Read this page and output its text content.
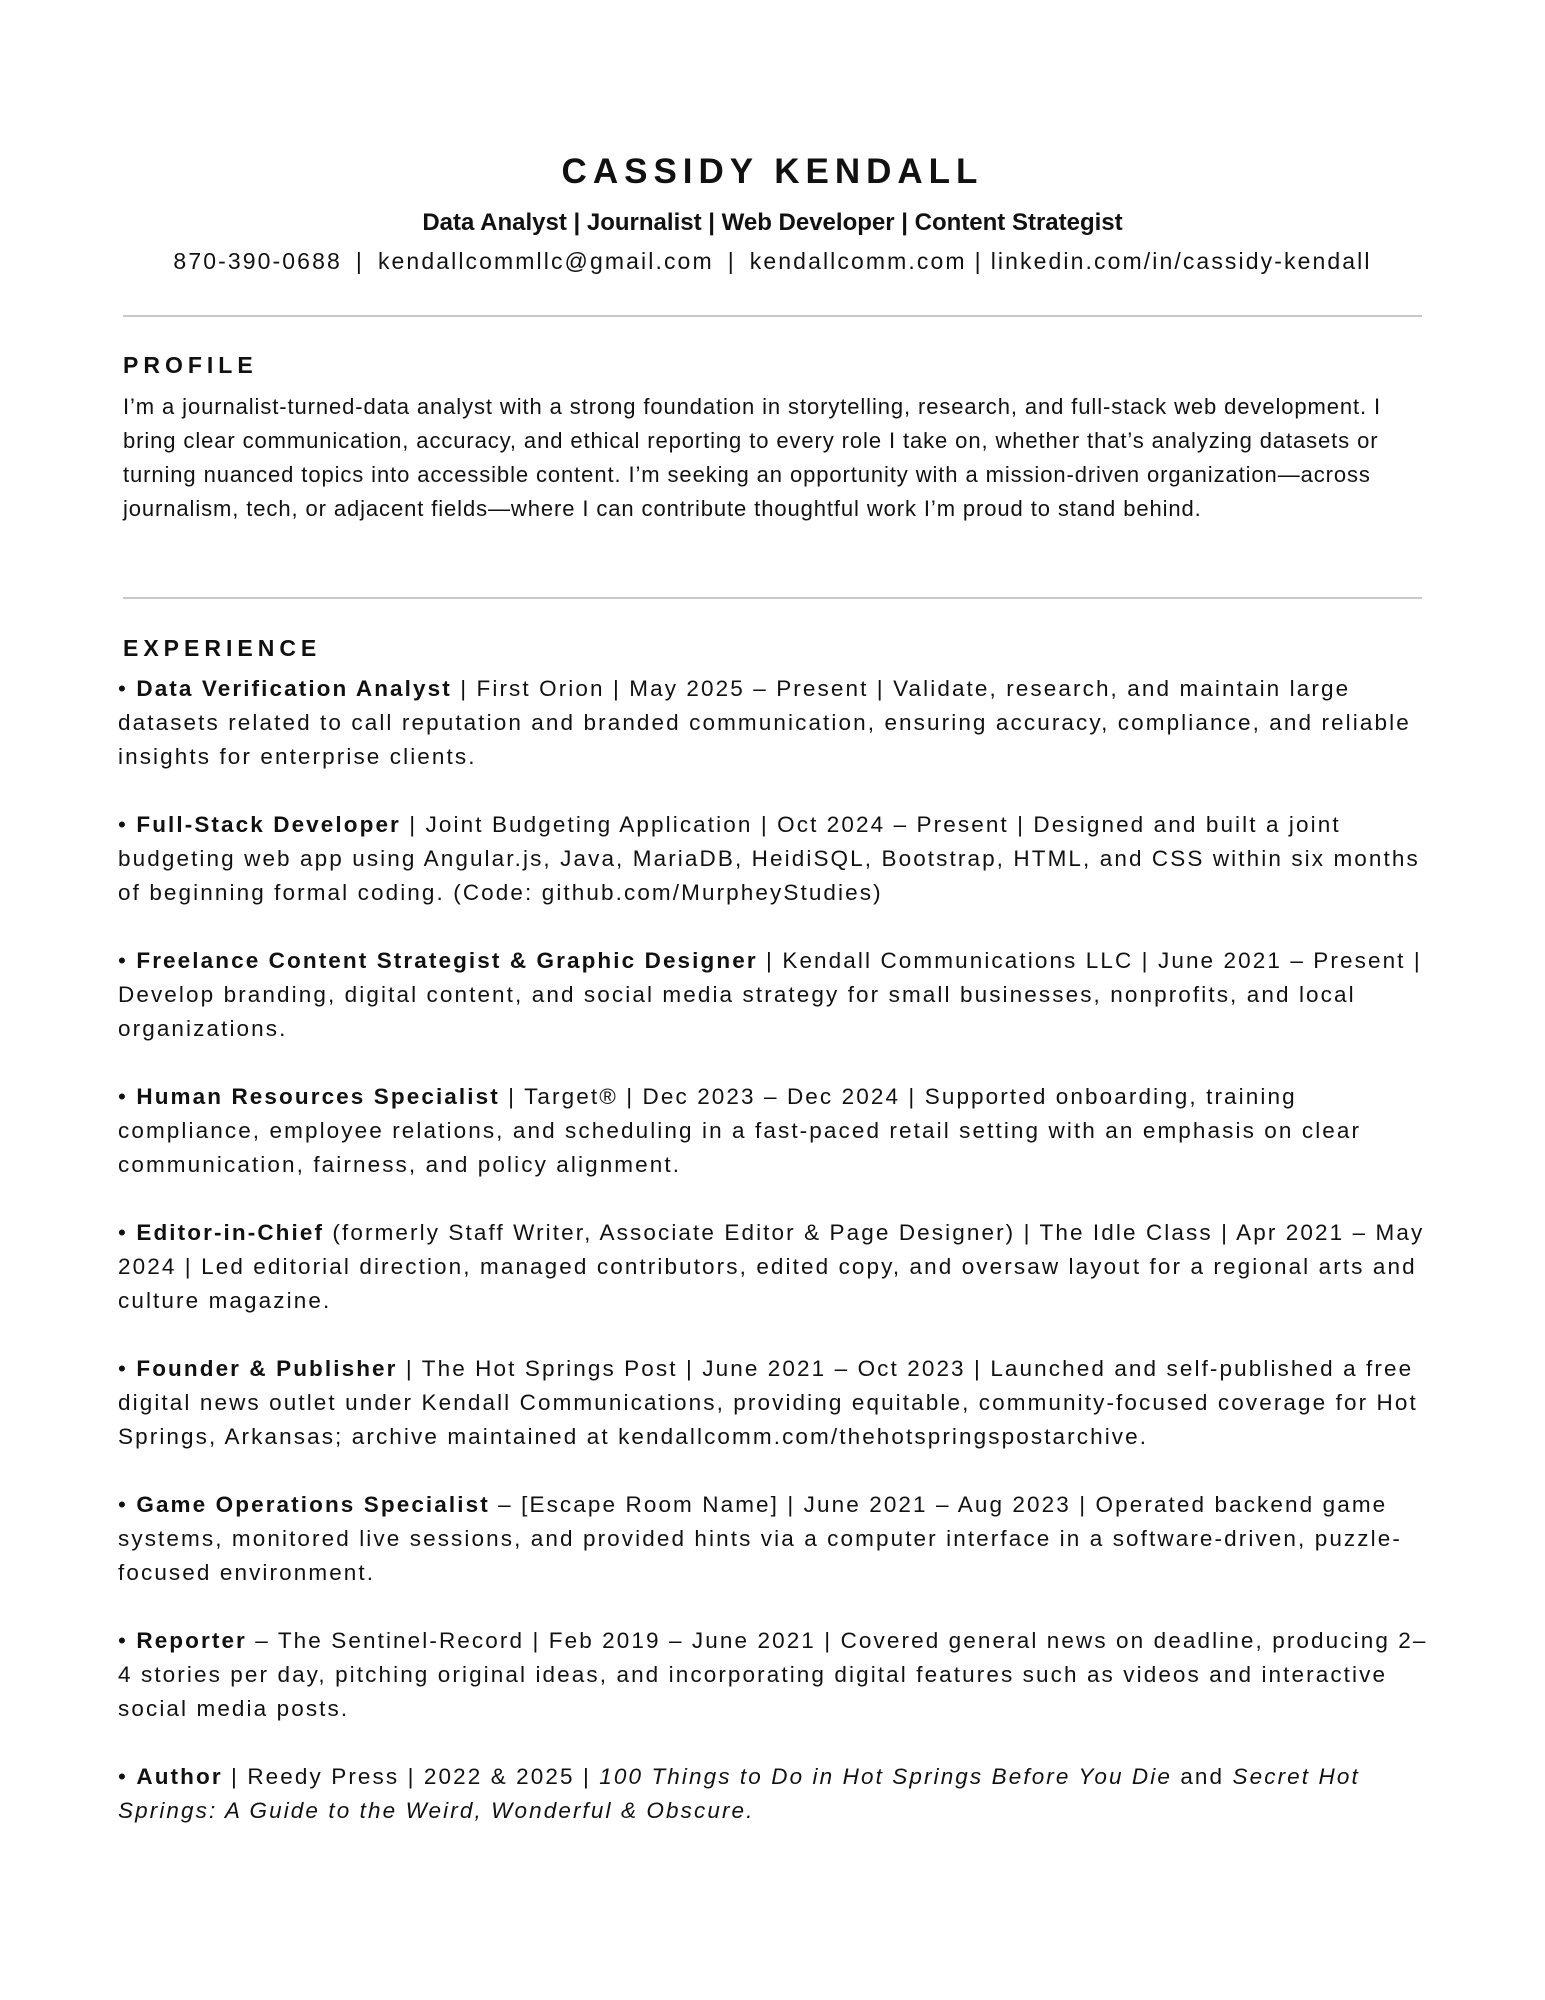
CASSIDY KENDALL
Data Analyst | Journalist | Web Developer | Content Strategist
870-390-0688 | kendallcommllc@gmail.com | kendallcomm.com | linkedin.com/in/cassidy-kendall
PROFILE

I’m a journalist-turned-data analyst with a strong foundation in storytelling, research, and full-stack web development. I bring clear communication, accuracy, and ethical reporting to every role I take on, whether that’s analyzing datasets or turning nuanced topics into accessible content. I’m seeking an opportunity with a mission-driven organization—across journalism, tech, or adjacent fields—where I can contribute thoughtful work I’m proud to stand behind.

EXPERIENCE

• Data Verification Analyst | First Orion | May 2025 – Present | Validate, research, and maintain large datasets related to call reputation and branded communication, ensuring accuracy, compliance, and reliable insights for enterprise clients.

• Full-Stack Developer | Joint Budgeting Application | Oct 2024 – Present | Designed and built a joint budgeting web app using Angular.js, Java, MariaDB, HeidiSQL, Bootstrap, HTML, and CSS within six months of beginning formal coding. (Code: github.com/MurpheyStudies)

• Freelance Content Strategist & Graphic Designer | Kendall Communications LLC | June 2021 – Present | Develop branding, digital content, and social media strategy for small businesses, nonprofits, and local organizations.

• Human Resources Specialist | Target® | Dec 2023 – Dec 2024 | Supported onboarding, training compliance, employee relations, and scheduling in a fast-paced retail setting with an emphasis on clear communication, fairness, and policy alignment.

• Editor-in-Chief (formerly Staff Writer, Associate Editor & Page Designer) | The Idle Class | Apr 2021 – May 2024 | Led editorial direction, managed contributors, edited copy, and oversaw layout for a regional arts and culture magazine.

• Founder & Publisher | The Hot Springs Post | June 2021 – Oct 2023 | Launched and self-published a free digital news outlet under Kendall Communications, providing equitable, community-focused coverage for Hot Springs, Arkansas; archive maintained at kendallcomm.com/thehotspringspostarchive.

• Game Operations Specialist – [Escape Room Name] | June 2021 – Aug 2023 | Operated backend game systems, monitored live sessions, and provided hints via a computer interface in a software-driven, puzzle-focused environment.

• Reporter – The Sentinel-Record | Feb 2019 – June 2021 | Covered general news on deadline, producing 2–4 stories per day, pitching original ideas, and incorporating digital features such as videos and interactive social media posts.

• Author | Reedy Press | 2022 & 2025 | 100 Things to Do in Hot Springs Before You Die and Secret Hot Springs: A Guide to the Weird, Wonderful & Obscure.
